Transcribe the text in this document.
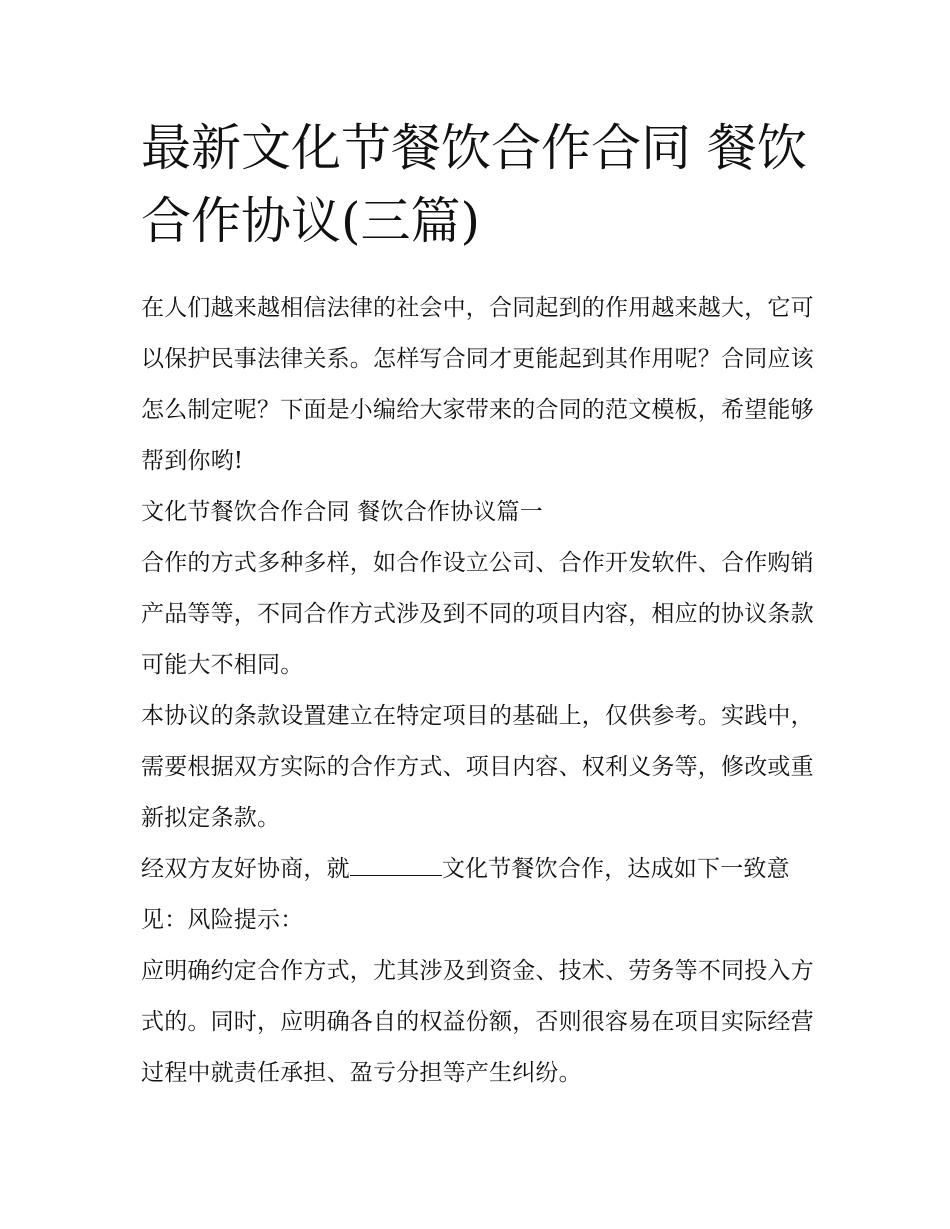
最新文化节餐饮合作合同 餐饮合作协议(三篇)

在人们越来越相信法律的社会中，合同起到的作用越来越大，它可以保护民事法律关系。怎样写合同才更能起到其作用呢？合同应该怎么制定呢？下面是小编给大家带来的合同的范文模板，希望能够帮到你哟!

文化节餐饮合作合同 餐饮合作协议篇一

合作的方式多种多样，如合作设立公司、合作开发软件、合作购销产品等等，不同合作方式涉及到不同的项目内容，相应的协议条款可能大不相同。

本协议的条款设置建立在特定项目的基础上，仅供参考。实践中，需要根据双方实际的合作方式、项目内容、权利义务等，修改或重新拟定条款。

经双方友好协商，就	文化节餐饮合作，达成如下一致意见：风险提示：

应明确约定合作方式，尤其涉及到资金、技术、劳务等不同投入方式的。同时，应明确各自的权益份额，否则很容易在项目实际经营过程中就责任承担、盈亏分担等产生纠纷。
